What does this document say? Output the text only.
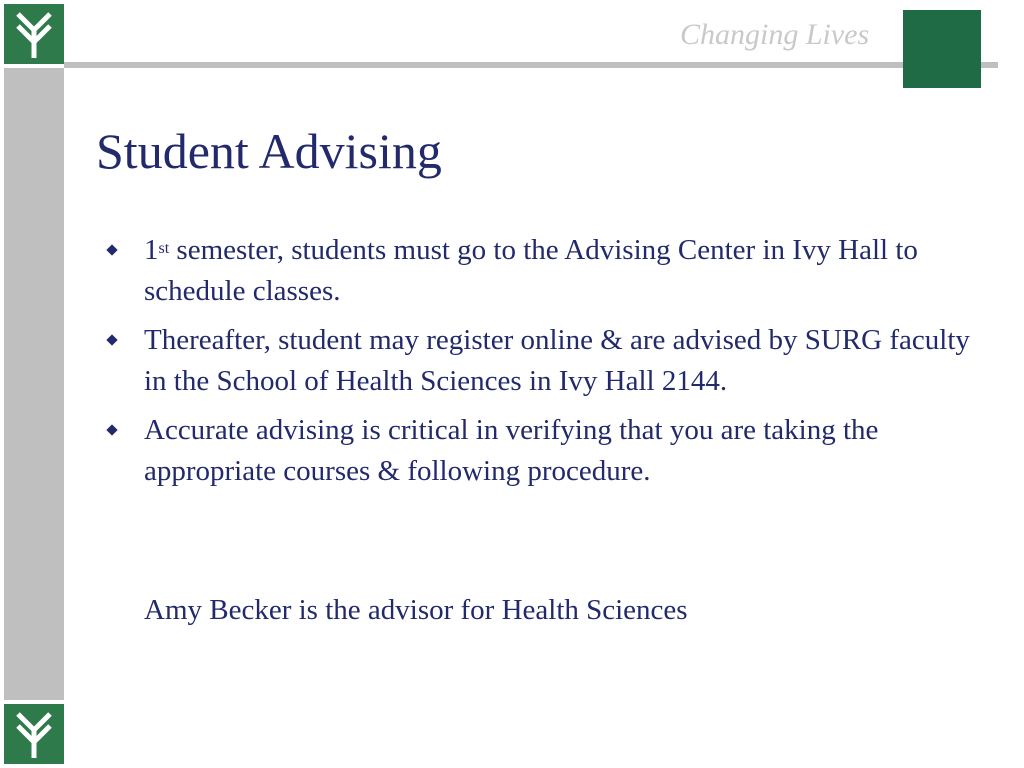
Changing Lives
Student Advising
1st semester, students must go to the Advising Center in Ivy Hall to schedule classes.
Thereafter, student may register online & are advised by SURG faculty in the School of Health Sciences in Ivy Hall 2144.
Accurate advising is critical in verifying that you are taking the appropriate courses & following procedure.
Amy Becker is the advisor for Health Sciences
